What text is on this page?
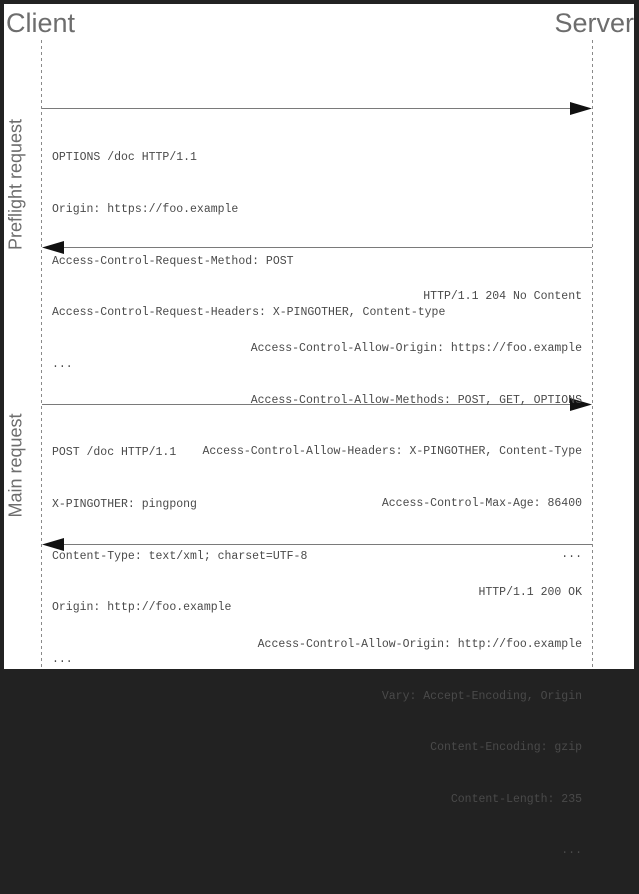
Client	Server
Preflight request
Main request

OPTIONS /doc HTTP/1.1

Origin: https://foo.example

Access-Control-Request-Method: POST

Access-Control-Request-Headers: X-PINGOTHER, Content-type

...

HTTP/1.1 204 No Content

Access-Control-Allow-Origin: https://foo.example

Access-Control-Allow-Methods: POST, GET, OPTIONS

Access-Control-Allow-Headers: X-PINGOTHER, Content-Type

Access-Control-Max-Age: 86400

...

POST /doc HTTP/1.1

X-PINGOTHER: pingpong

Content-Type: text/xml; charset=UTF-8

Origin: http://foo.example

...

HTTP/1.1 200 OK

Access-Control-Allow-Origin: http://foo.example

Vary: Accept-Encoding, Origin

Content-Encoding: gzip

Content-Length: 235

...
